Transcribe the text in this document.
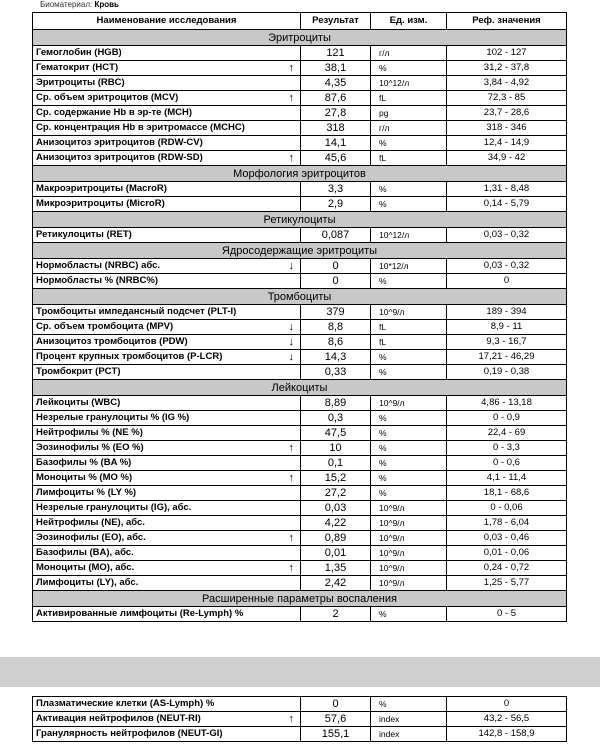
Биоматериал: Кровь
Наименование исследования	Результат	Ед. изм.	Реф. значения
Эритроциты			
Гемоглобин (HGB)	121	г/л	102 - 127
Гематокрит (HCT) ↑	38,1	%	31,2 - 37,8
Эритроциты (RBC)	4,35	10^12/л	3,84 - 4,92
Ср. объем эритроцитов (MCV) ↑	87,6	fL	72,3 - 85
Ср. содержание Hb в эр-те (MCH)	27,8	pg	23,7 - 28,6
Ср. концентрация Hb в эритромассе (MCHC)	318	г/л	318 - 346
Анизоцитоз эритроцитов (RDW-CV)	14,1	%	12,4 - 14,9
Анизоцитоз эритроцитов (RDW-SD) ↑	45,6	fL	34,9 - 42
Морфология эритроцитов			
Макроэритроциты (MacroR)	3,3	%	1,31 - 8,48
Микроэритроциты (MicroR)	2,9	%	0,14 - 5,79
Ретикулоциты			
Ретикулоциты (RET)	0,087	10^12/л	0,03 - 0,32
Ядросодержащие эритроциты			
Нормобласты (NRBC) абс. ↓	0	10*12/л	0,03 - 0,32
Нормобласты % (NRBC%)	0	%	0
Тромбоциты			
Тромбоциты импедансный подсчет (PLT-I)	379	10^9/л	189 - 394
Ср. объем тромбоцита (MPV) ↓	8,8	fL	8,9 - 11
Анизоцитоз тромбоцитов (PDW) ↓	8,6	fL	9,3 - 16,7
Процент крупных тромбоцитов (P-LCR) ↓	14,3	%	17,21 - 46,29
Тромбокрит (PCT)	0,33	%	0,19 - 0,38
Лейкоциты			
Лейкоциты (WBC)	8,89	10^9/л	4,86 - 13,18
Незрелые гранулоциты % (IG %)	0,3	%	0 - 0,9
Нейтрофилы % (NE %)	47,5	%	22,4 - 69
Эозинофилы % (EO %) ↑	10	%	0 - 3,3
Базофилы % (BA %)	0,1	%	0 - 0,6
Моноциты % (MO %) ↑	15,2	%	4,1 - 11,4
Лимфоциты % (LY %)	27,2	%	18,1 - 68,6
Незрелые гранулоциты (IG), абс.	0,03	10^9/л	0 - 0,06
Нейтрофилы (NE), абс.	4,22	10^9/л	1,78 - 6,04
Эозинофилы (EO), абс. ↑	0,89	10^9/л	0,03 - 0,46
Базофилы (BA), абс.	0,01	10^9/л	0,01 - 0,06
Моноциты (MO), абс. ↑	1,35	10^9/л	0,24 - 0,72
Лимфоциты (LY), абс.	2,42	10^9/л	1,25 - 5,77
Расширенные параметры воспаления			
Активированные лимфоциты (Re-Lymph) %	2	%	0 - 5
Плазматические клетки (AS-Lymph) %	0	%	0
Активация нейтрофилов (NEUT-RI) ↑	57,6	index	43,2 - 56,5
Гранулярность нейтрофилов (NEUT-GI)	155,1	index	142,8 - 158,9
